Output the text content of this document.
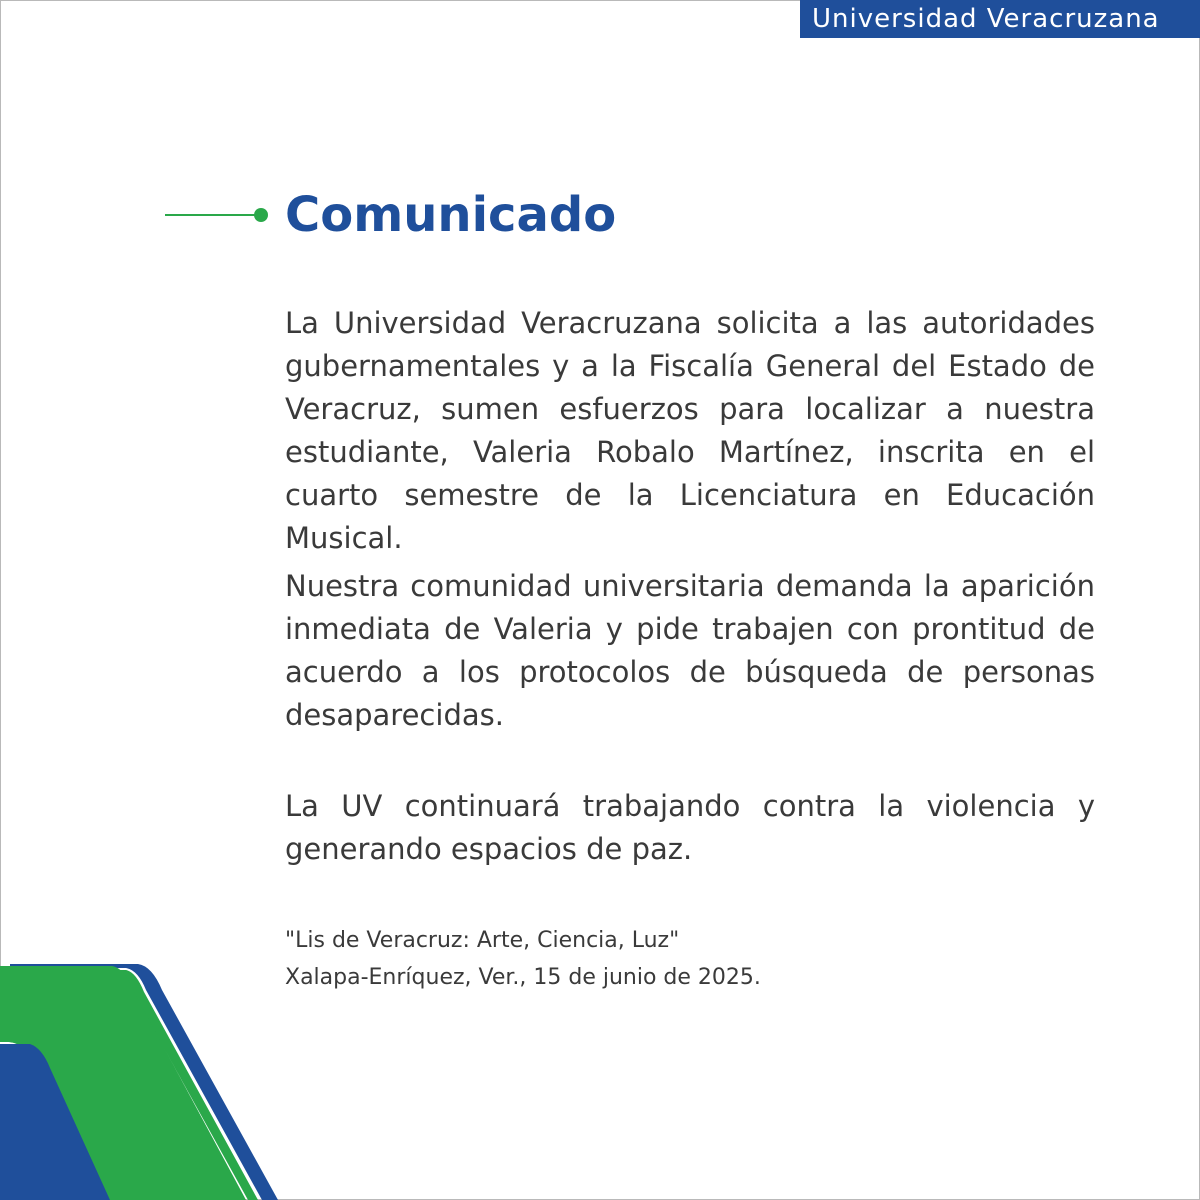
Universidad Veracruzana
Comunicado

La Universidad Veracruzana solicita a las autoridades gubernamentales y a la Fiscalía General del Estado de Veracruz, sumen esfuerzos para localizar a nuestra estudiante, Valeria Robalo Martínez, inscrita en el cuarto semestre de la Licenciatura en Educación Musical.

Nuestra comunidad universitaria demanda la aparición inmediata de Valeria y pide trabajen con prontitud de acuerdo a los protocolos de búsqueda de personas desaparecidas.

La UV continuará trabajando contra la violencia y generando espacios de paz.

"Lis de Veracruz: Arte, Ciencia, Luz"
Xalapa-Enríquez, Ver., 15 de junio de 2025.
